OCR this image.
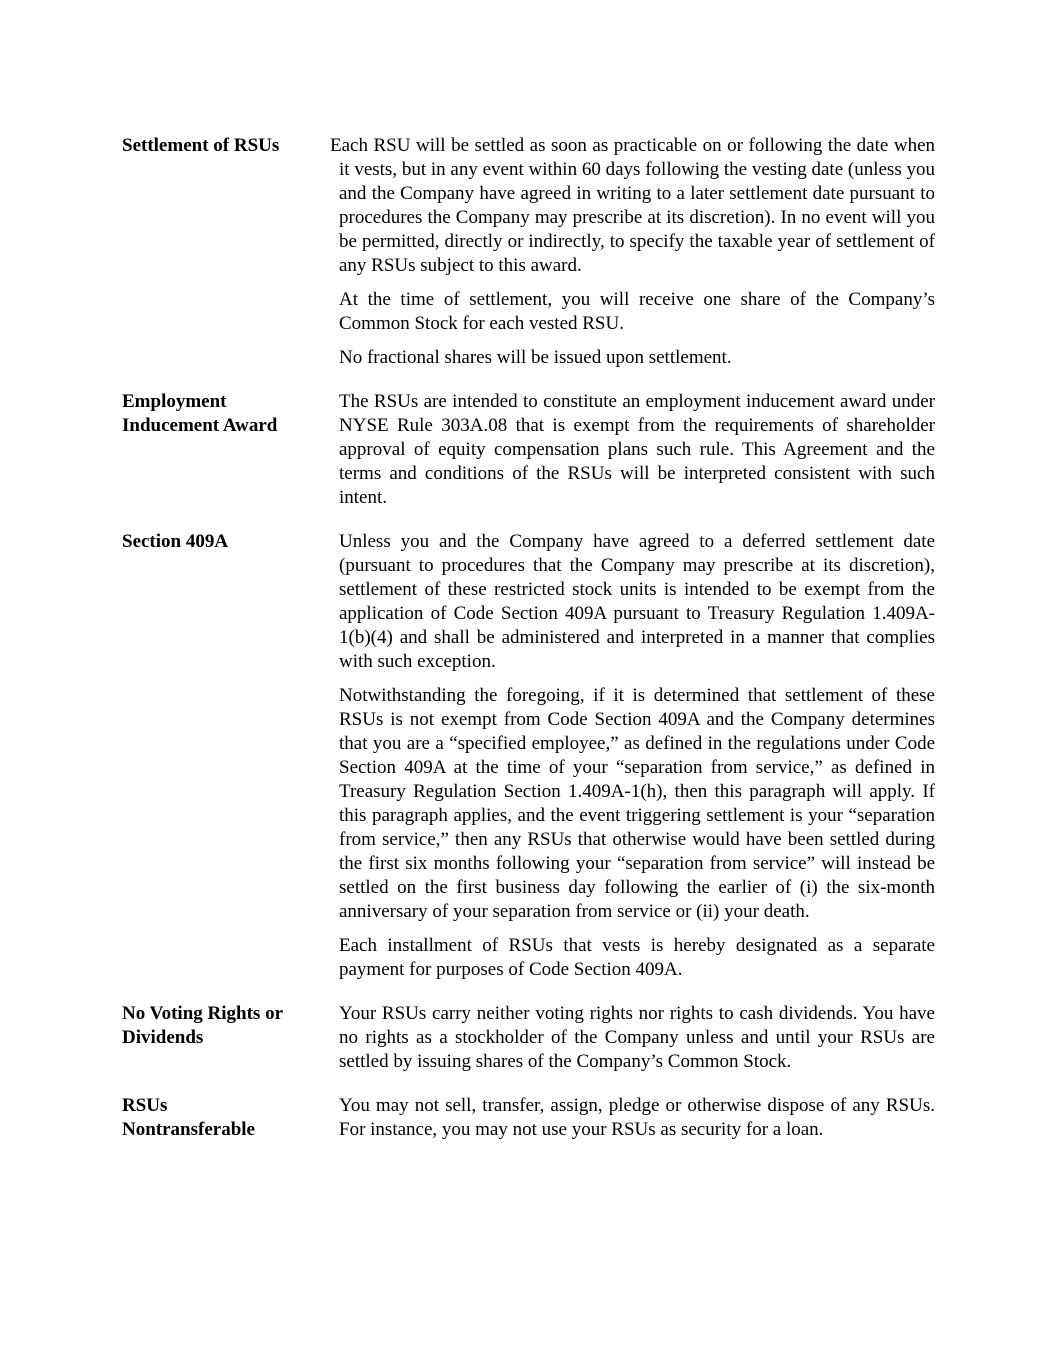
Settlement of RSUs	Each RSU will be settled as soon as practicable on or following the date when it vests, but in any event within 60 days following the vesting date (unless you and the Company have agreed in writing to a later settlement date pursuant to procedures the Company may prescribe at its discretion). In no event will you be permitted, directly or indirectly, to specify the taxable year of settlement of any RSUs subject to this award.

At the time of settlement, you will receive one share of the Company’s Common Stock for each vested RSU.

No fractional shares will be issued upon settlement.

Employment
Inducement Award

The RSUs are intended to constitute an employment inducement award under NYSE Rule 303A.08 that is exempt from the requirements of shareholder approval of equity compensation plans such rule. This Agreement and the terms and conditions of the RSUs will be interpreted consistent with such intent.

Section 409A	Unless you and the Company have agreed to a deferred settlement date (pursuant to procedures that the Company may prescribe at its discretion), settlement of these restricted stock units is intended to be exempt from the application of Code Section 409A pursuant to Treasury Regulation 1.409A-1(b)(4) and shall be administered and interpreted in a manner that complies with such exception.

Notwithstanding the foregoing, if it is determined that settlement of these RSUs is not exempt from Code Section 409A and the Company determines that you are a “specified employee,” as defined in the regulations under Code Section 409A at the time of your “separation from service,” as defined in Treasury Regulation Section 1.409A-1(h), then this paragraph will apply. If this paragraph applies, and the event triggering settlement is your “separation from service,” then any RSUs that otherwise would have been settled during the first six months following your “separation from service” will instead be settled on the first business day following the earlier of (i) the six-month anniversary of your separation from service or (ii) your death.

Each installment of RSUs that vests is hereby designated as a separate payment for purposes of Code Section 409A.

No Voting Rights or
Dividends

Your RSUs carry neither voting rights nor rights to cash dividends. You have no rights as a stockholder of the Company unless and until your RSUs are settled by issuing shares of the Company’s Common Stock.

RSUs
Nontransferable

You may not sell, transfer, assign, pledge or otherwise dispose of any RSUs. For instance, you may not use your RSUs as security for a loan.
